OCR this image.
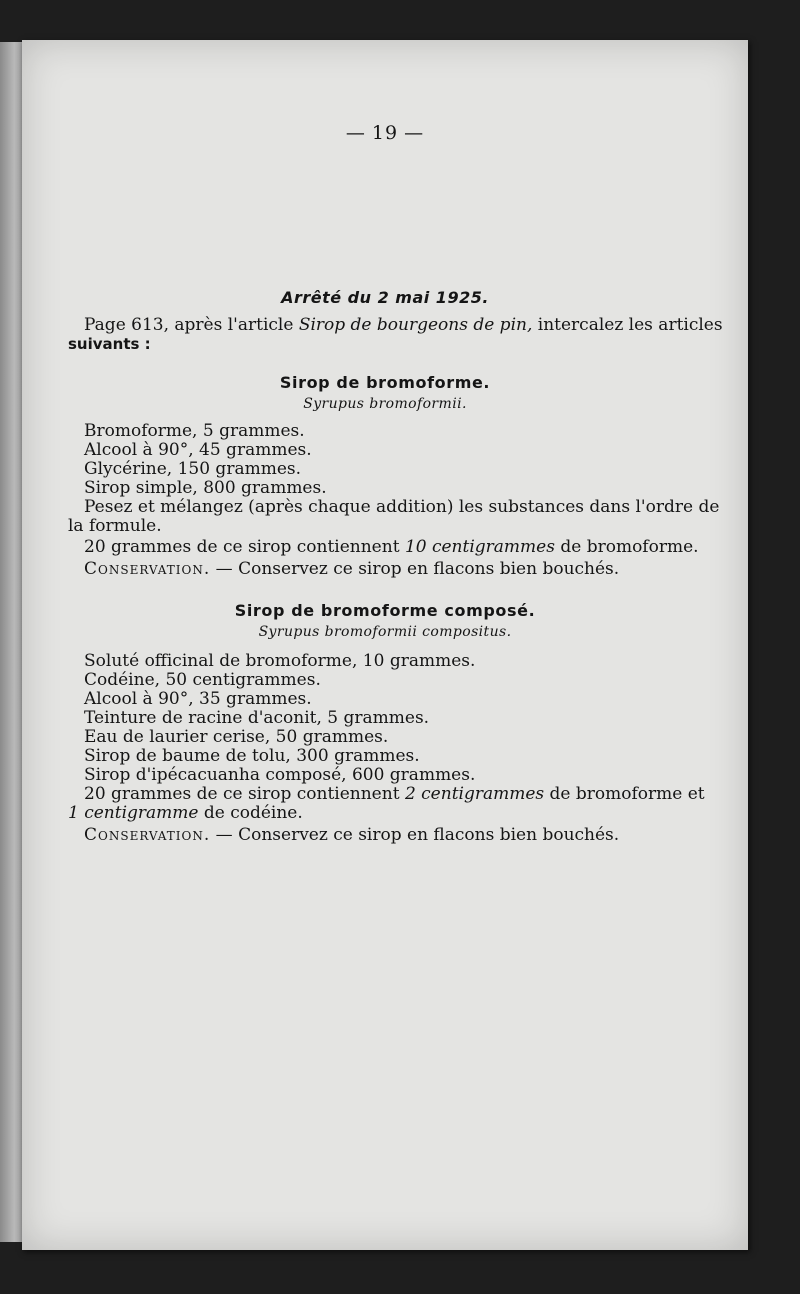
— 19 —
Arrêté du 2 mai 1925.
Page 613, après l'article Sirop de bourgeons de pin, intercalez les articles
suivants :
Sirop de bromoforme.
Syrupus bromoformii.
Bromoforme, 5 grammes.
Alcool à 90°, 45 grammes.
Glycérine, 150 grammes.
Sirop simple, 800 grammes.
Pesez et mélangez (après chaque addition) les substances dans l'ordre de
la formule.
20 grammes de ce sirop contiennent 10 centigrammes de bromoforme.
Conservation. — Conservez ce sirop en flacons bien bouchés.
Sirop de bromoforme composé.
Syrupus bromoformii compositus.
Soluté officinal de bromoforme, 10 grammes.
Codéine, 50 centigrammes.
Alcool à 90°, 35 grammes.
Teinture de racine d'aconit, 5 grammes.
Eau de laurier cerise, 50 grammes.
Sirop de baume de tolu, 300 grammes.
Sirop d'ipécacuanha composé, 600 grammes.
20 grammes de ce sirop contiennent 2 centigrammes de bromoforme et
1 centigramme de codéine.
Conservation. — Conservez ce sirop en flacons bien bouchés.
